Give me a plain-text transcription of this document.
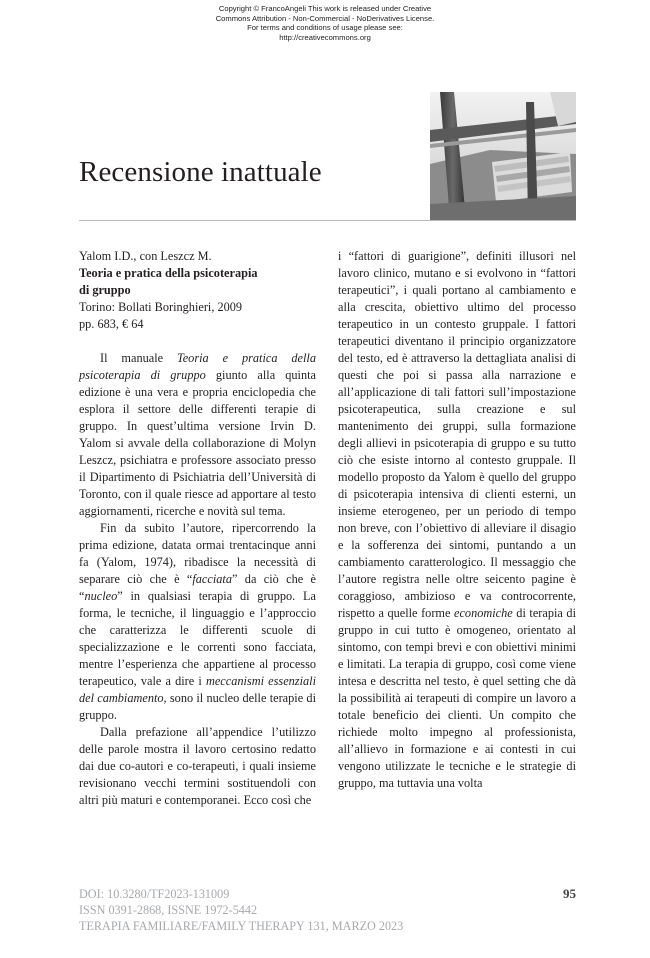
Copyright © FrancoAngeli This work is released under Creative
Commons Attribution - Non-Commercial - NoDerivatives License.
For terms and conditions of usage please see:
http://creativecommons.org
Recensione inattuale
Yalom I.D., con Leszcz M.
Teoria e pratica della psicoterapia
di gruppo
Torino: Bollati Boringhieri, 2009
pp. 683, € 64

Il manuale Teoria e pratica della psicoterapia di gruppo giunto alla quinta edizione è una vera e propria enciclopedia che esplora il settore delle differenti terapie di gruppo. In quest’ultima versione Irvin D. Yalom si avvale della collaborazione di Molyn Leszcz, psichiatra e professore associato presso il Dipartimento di Psichiatria dell’Università di Toronto, con il quale riesce ad apportare al testo aggiornamenti, ricerche e novità sul tema.

Fin da subito l’autore, ripercorrendo la prima edizione, datata ormai trentacinque anni fa (Yalom, 1974), ribadisce la necessità di separare ciò che è “facciata” da ciò che è “nucleo” in qualsiasi terapia di gruppo. La forma, le tecniche, il linguaggio e l’approccio che caratterizza le differenti scuole di specializzazione e le correnti sono facciata, mentre l’esperienza che appartiene al processo terapeutico, vale a dire i meccanismi essenziali del cambiamento, sono il nucleo delle terapie di gruppo.

Dalla prefazione all’appendice l’utilizzo delle parole mostra il lavoro certosino redatto dai due co-autori e co-terapeuti, i quali insieme revisionano vecchi termini sostituendoli con altri più maturi e contemporanei. Ecco così che

i “fattori di guarigione”, definiti illusori nel lavoro clinico, mutano e si evolvono in “fattori terapeutici”, i quali portano al cambiamento e alla crescita, obiettivo ultimo del processo terapeutico in un contesto gruppale. I fattori terapeutici diventano il principio organizzatore del testo, ed è attraverso la dettagliata analisi di questi che poi si passa alla narrazione e all’applicazione di tali fattori sull’impostazione psicoterapeutica, sulla creazione e sul mantenimento dei gruppi, sulla formazione degli allievi in psicoterapia di gruppo e su tutto ciò che esiste intorno al contesto gruppale. Il modello proposto da Yalom è quello del gruppo di psicoterapia intensiva di clienti esterni, un insieme eterogeneo, per un periodo di tempo non breve, con l’obiettivo di alleviare il disagio e la sofferenza dei sintomi, puntando a un cambiamento caratterologico. Il messaggio che l’autore registra nelle oltre seicento pagine è coraggioso, ambizioso e va controcorrente, rispetto a quelle forme economiche di terapia di gruppo in cui tutto è omogeneo, orientato al sintomo, con tempi brevi e con obiettivi minimi e limitati. La terapia di gruppo, così come viene intesa e descritta nel testo, è quel setting che dà la possibilità ai terapeuti di compire un lavoro a totale beneficio dei clienti. Un compito che richiede molto impegno al professionista, all’allievo in formazione e ai contesti in cui vengono utilizzate le tecniche e le strategie di gruppo, ma tuttavia una volta

DOI: 10.3280/TF2023-131009
ISSN 0391-2868, ISSNE 1972-5442
TERAPIA FAMILIARE/FAMILY THERAPY 131, MARZO 2023
95
